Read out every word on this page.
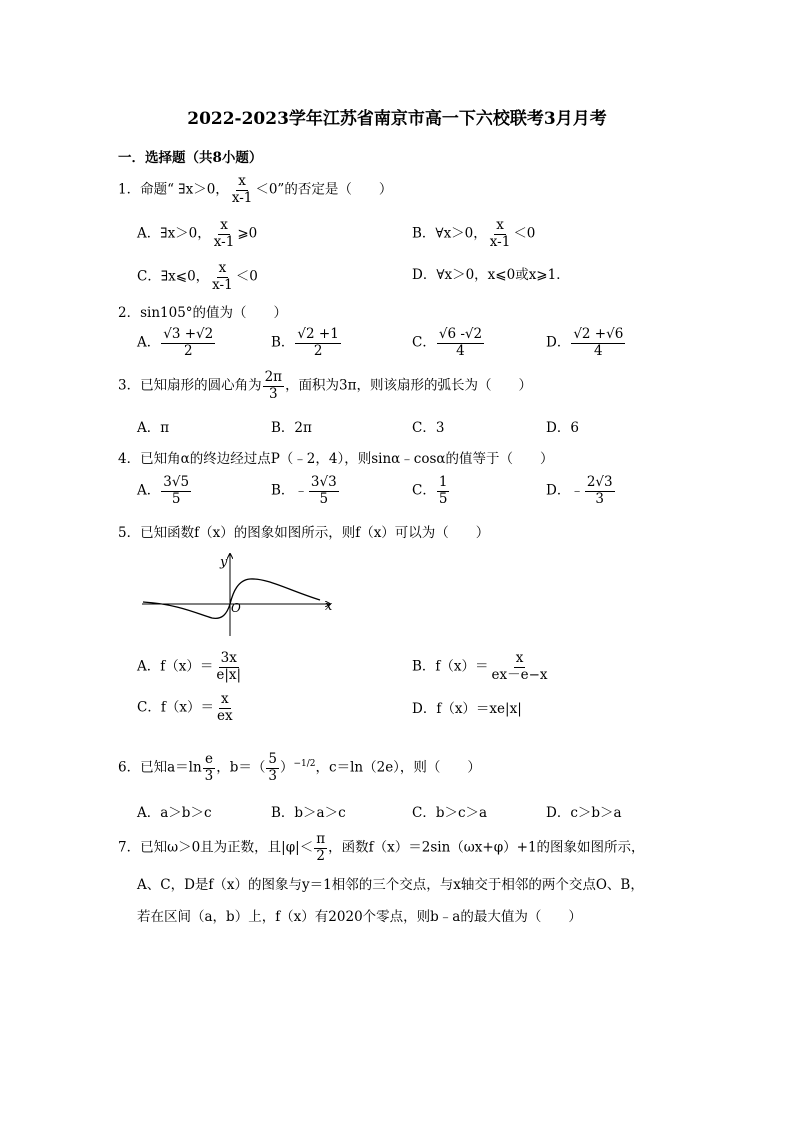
2022-2023学年江苏省南京市高一下六校联考3月月考
一．选择题（共8小题）
1．命题“ ∃x＞0， $\frac{x}{x-1} <0$”的否定是（　　）
A．∃x＞0， $\frac{x}{x-1}$ ⩾0	B．∀x＞0， $\frac{x}{x-1} <0$
C．∃x⩽0， $\frac{x}{x-1} <0$	D．∀x＞0，x⩽0或x⩾1．
2．sin105°的值为（　　）
A． $\frac{√3 +√2}{2}$	B． $\frac{√2 +1}{2}$	C． $\frac{√6 -√2}{4}$	D． $\frac{√2 +√6}{4}$
3．已知扇形的圆心角为 $\frac{2\pi}{3}$ ，面积为3π，则该扇形的弧长为（　　）
A．π	B．2π	C．3	D．6
4．已知角α的终边经过点P（﹣2，4），则sinα﹣cosα的值等于（　　）
A． $\frac{3√5}{5}$	B．﹣ $\frac{3√3}{5}$	C． $\frac{1}{5}$	D．﹣ $\frac{2√3}{3}$
5．已知函数f（x）的图象如图所示，则f（x）可以为（　　）
y
x
O
A．$f(x)= \frac{3x}{e|x|}$	B．$f(x)= \frac{x}{ex-e-x}$
C．$f(x)= \frac{x}{ex}$	D．f（x）＝xe|x|
6．已知$a=\ln \frac{e}{3}$ ，$b=( \frac{5}{3} )^{-1/2}$，c＝ln（2e），则（　　）
A．a＞b＞c	B．b＞a＞c	C．b＞c＞a	D．c＞b＞a
7．已知ω＞0且为正数，且$|\varphi|< \frac{\pi}{2}$ ，函数f（x）＝2sin（ωx+φ）+1的图象如图所示，
A、C，D是f（x）的图象与y＝1相邻的三个交点，与x轴交于相邻的两个交点O、B，
若在区间（a，b）上，f（x）有2020个零点，则b﹣a的最大值为（　　）
